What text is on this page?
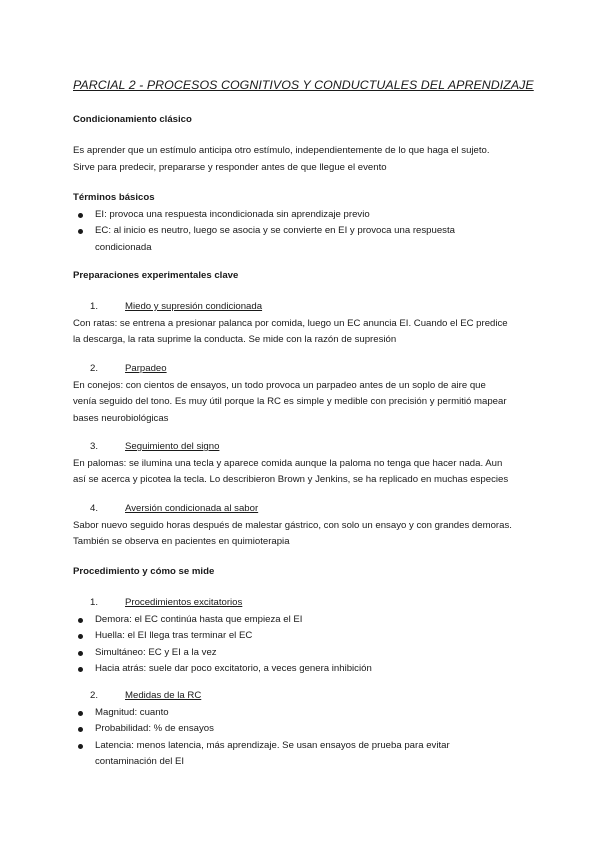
PARCIAL 2 - PROCESOS COGNITIVOS Y CONDUCTUALES DEL APRENDIZAJE

Condicionamiento clásico

Es aprender que un estímulo anticipa otro estímulo, independientemente de lo que haga el sujeto.

Sirve para predecir, prepararse y responder antes de que llegue el evento

Términos básicos

EI: provoca una respuesta incondicionada sin aprendizaje previo
EC: al inicio es neutro, luego se asocia y se convierte en EI y provoca una respuesta
condicionada

Preparaciones experimentales clave

1.	Miedo y supresión condicionada

Con ratas: se entrena a presionar palanca por comida, luego un EC anuncia EI. Cuando el EC predice

la descarga, la rata suprime la conducta. Se mide con la razón de supresión

2.	Parpadeo

En conejos: con cientos de ensayos, un todo provoca un parpadeo antes de un soplo de aire que

venía seguido del tono. Es muy útil porque la RC es simple y medible con precisión y permitió mapear

bases neurobiológicas

3.	Seguimiento del signo

En palomas: se ilumina una tecla y aparece comida aunque la paloma no tenga que hacer nada. Aun

así se acerca y picotea la tecla. Lo describieron Brown y Jenkins, se ha replicado en muchas especies

4.	Aversión condicionada al sabor

Sabor nuevo seguido horas después de malestar gástrico, con solo un ensayo y con grandes demoras.

También se observa en pacientes en quimioterapia

Procedimiento y cómo se mide

1.	Procedimientos excitatorios

Demora: el EC continúa hasta que empieza el EI
Huella: el EI llega tras terminar el EC
Simultáneo: EC y EI a la vez
Hacia atrás: suele dar poco excitatorio, a veces genera inhibición

2.	Medidas de la RC

Magnitud: cuanto
Probabilidad: % de ensayos
Latencia: menos latencia, más aprendizaje. Se usan ensayos de prueba para evitar
contaminación del EI
